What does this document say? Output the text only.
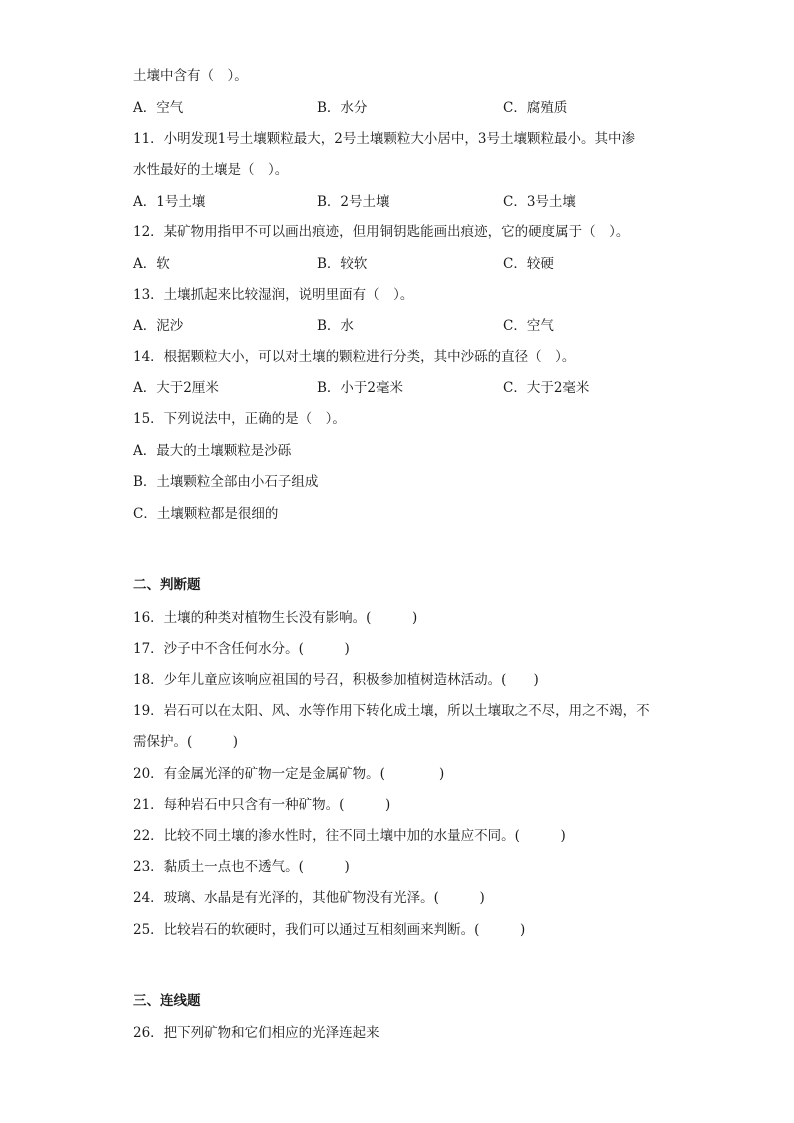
土壤中含有（　）。
A．空气	B．水分	C．腐殖质
11．小明发现1号土壤颗粒最大，2号土壤颗粒大小居中，3号土壤颗粒最小。其中渗
水性最好的土壤是（　）。
A．1号土壤	B．2号土壤	C．3号土壤
12．某矿物用指甲不可以画出痕迹，但用铜钥匙能画出痕迹，它的硬度属于（　）。
A．软	B．较软	C．较硬
13．土壤抓起来比较湿润，说明里面有（　）。
A．泥沙	B．水	C．空气
14．根据颗粒大小，可以对土壤的颗粒进行分类，其中沙砾的直径（　）。
A．大于2厘米	B．小于2毫米	C．大于2毫米
15．下列说法中，正确的是（　）。
A．最大的土壤颗粒是沙砾
B．土壤颗粒全部由小石子组成
C．土壤颗粒都是很细的
二、判断题
16．土壤的种类对植物生长没有影响。(　　　)
17．沙子中不含任何水分。(　　　)
18．少年儿童应该响应祖国的号召，积极参加植树造林活动。(　　)
19．岩石可以在太阳、风、水等作用下转化成土壤，所以土壤取之不尽，用之不竭，不
需保护。(　　　)
20．有金属光泽的矿物一定是金属矿物。(　　　　)
21．每种岩石中只含有一种矿物。(　　　)
22．比较不同土壤的渗水性时，往不同土壤中加的水量应不同。(　　　)
23．黏质土一点也不透气。(　　　)
24．玻璃、水晶是有光泽的，其他矿物没有光泽。(　　　)
25．比较岩石的软硬时，我们可以通过互相刻画来判断。(　　　)
三、连线题
26．把下列矿物和它们相应的光泽连起来
